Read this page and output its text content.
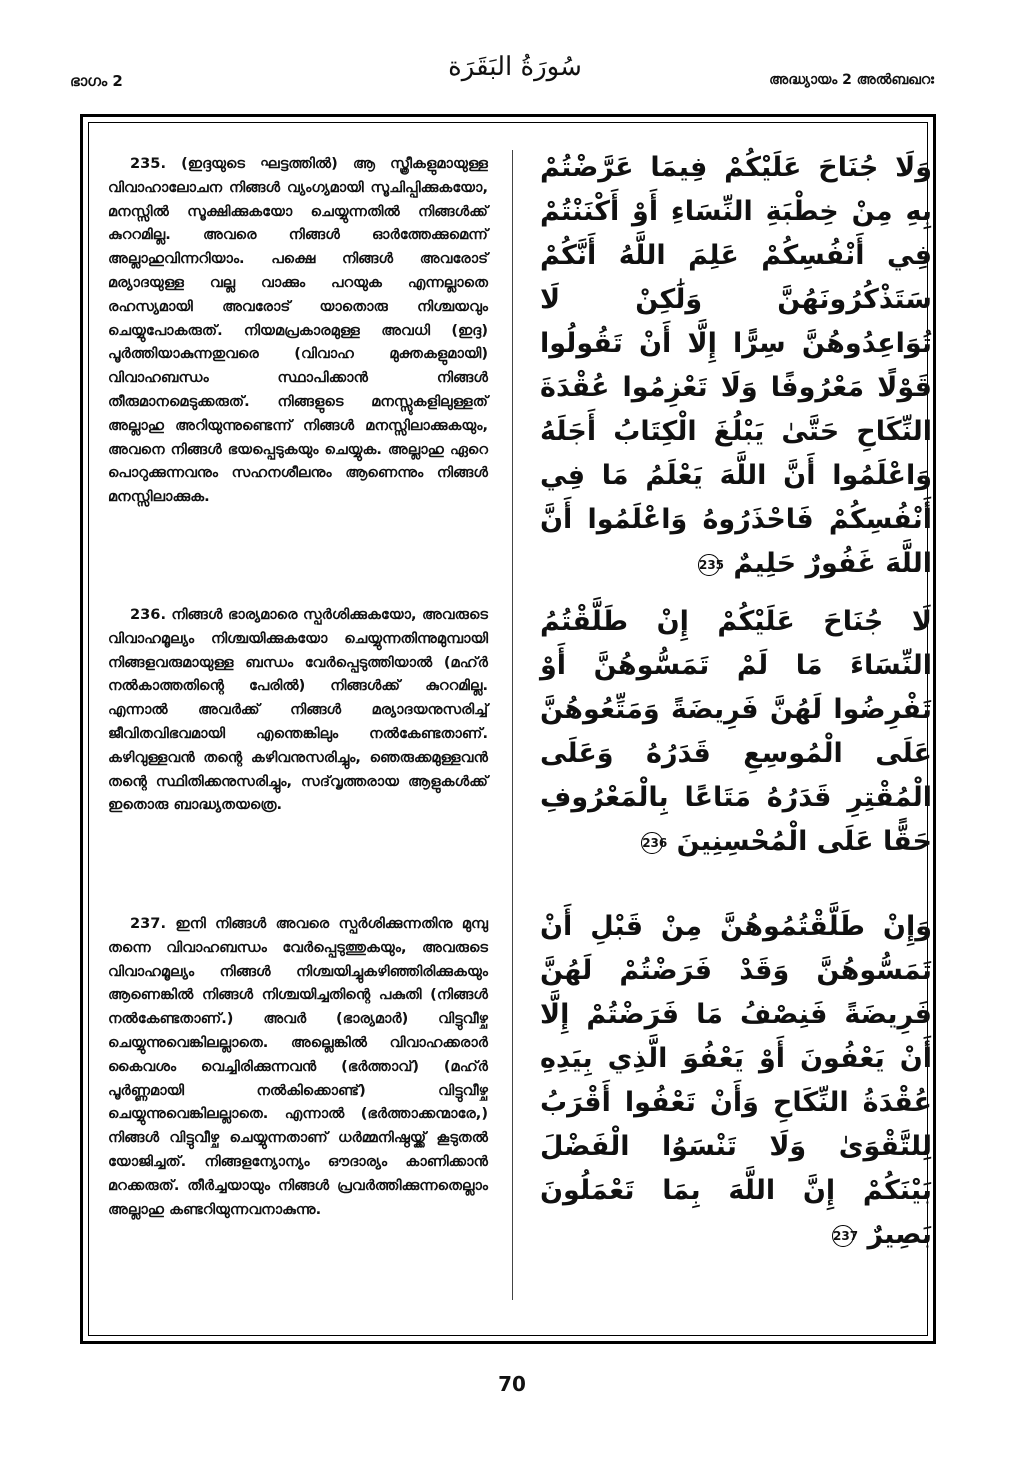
ഭാഗം 2	سُورَةُ البَقَرَة	അദ്ധ്യായം 2 അൽബഖറഃ

235. (ഇദ്ദയുടെ ഘട്ടത്തിൽ) ആ സ്ത്രീകളുമായുള്ള വിവാഹാലോചന നിങ്ങൾ വ്യംഗ്യമായി സൂചിപ്പിക്കുകയോ, മനസ്സിൽ സൂക്ഷിക്കുകയോ ചെയ്യുന്നതിൽ നിങ്ങൾക്ക് കുററമില്ല. അവരെ നിങ്ങൾ ഓർത്തേക്കുമെന്ന് അല്ലാഹുവിന്നറിയാം. പക്ഷെ നിങ്ങൾ അവരോട് മര്യാദയുള്ള വല്ല വാക്കും പറയുക എന്നല്ലാതെ രഹസ്യമായി അവരോട് യാതൊരു നിശ്ചയവും ചെയ്യുപോകരുത്. നിയമപ്രകാരമുള്ള അവധി (ഇദ്ദ) പൂർത്തിയാകുന്നതുവരെ (വിവാഹ മുക്തകളുമായി) വിവാഹബന്ധം സ്ഥാപിക്കാൻ നിങ്ങൾ തീരുമാനമെടുക്കരുത്. നിങ്ങളുടെ മനസ്സുകളിലുള്ളത് അല്ലാഹു അറിയുന്നുണ്ടെന്ന് നിങ്ങൾ മനസ്സിലാക്കുകയും, അവനെ നിങ്ങൾ ഭയപ്പെടുകയും ചെയ്യുക. അല്ലാഹു ഏറെ പൊറുക്കുന്നവനും സഹനശീലനും ആണെന്നും നിങ്ങൾ മനസ്സിലാക്കുക.

وَلَا جُنَاحَ عَلَيْكُمْ فِيمَا عَرَّضْتُمْ بِهِ مِنْ خِطْبَةِ النِّسَاءِ أَوْ أَكْنَنْتُمْ فِي أَنْفُسِكُمْ عَلِمَ اللَّهُ أَنَّكُمْ سَتَذْكُرُونَهُنَّ وَلَٰكِنْ لَا تُوَاعِدُوهُنَّ سِرًّا إِلَّا أَنْ تَقُولُوا قَوْلًا مَعْرُوفًا وَلَا تَعْزِمُوا عُقْدَةَ النِّكَاحِ حَتَّىٰ يَبْلُغَ الْكِتَابُ أَجَلَهُ وَاعْلَمُوا أَنَّ اللَّهَ يَعْلَمُ مَا فِي أَنْفُسِكُمْ فَاحْذَرُوهُ وَاعْلَمُوا أَنَّ اللَّهَ غَفُورٌ حَلِيمٌ 235

236. നിങ്ങൾ ഭാര്യമാരെ സ്പർശിക്കുകയോ, അവരുടെ വിവാഹമൂല്യം നിശ്ചയിക്കുകയോ ചെയ്യുന്നതിന്നുമുമ്പായി നിങ്ങളവരുമായുള്ള ബന്ധം വേർപ്പെടുത്തിയാൽ (മഹ്ർ നൽകാത്തതിന്റെ പേരിൽ) നിങ്ങൾക്ക് കുററമില്ല. എന്നാൽ അവർക്ക് നിങ്ങൾ മര്യാദയനുസരിച്ച് ജീവിതവിഭവമായി എന്തെങ്കിലും നൽകേണ്ടതാണ്. കഴിവുള്ളവൻ തന്റെ കഴിവനുസരിച്ചും, ഞെരുക്കമുള്ളവൻ തന്റെ സ്ഥിതിക്കനുസരിച്ചും, സദ്‌വൃത്തരായ ആളുകൾക്ക് ഇതൊരു ബാദ്ധ്യതയത്രെ.

لَا جُنَاحَ عَلَيْكُمْ إِنْ طَلَّقْتُمُ النِّسَاءَ مَا لَمْ تَمَسُّوهُنَّ أَوْ تَفْرِضُوا لَهُنَّ فَرِيضَةً وَمَتِّعُوهُنَّ عَلَى الْمُوسِعِ قَدَرُهُ وَعَلَى الْمُقْتِرِ قَدَرُهُ مَتَاعًا بِالْمَعْرُوفِ حَقًّا عَلَى الْمُحْسِنِينَ 236

237. ഇനി നിങ്ങൾ അവരെ സ്പർശിക്കുന്നതിനു മുമ്പു തന്നെ വിവാഹബന്ധം വേർപ്പെടുത്തുകയും, അവരുടെ വിവാഹമൂല്യം നിങ്ങൾ നിശ്ചയിച്ചുകഴിഞ്ഞിരിക്കുകയും ആണെങ്കിൽ നിങ്ങൾ നിശ്ചയിച്ചതിന്റെ പകുതി (നിങ്ങൾ നൽകേണ്ടതാണ്.) അവർ (ഭാര്യമാർ) വിട്ടുവീഴ്ച ചെയ്യുന്നുവെങ്കിലല്ലാതെ. അല്ലെങ്കിൽ വിവാഹക്കരാർ കൈവശം വെച്ചിരിക്കുന്നവൻ (ഭർത്താവ്) (മഹ്ർ പൂർണ്ണമായി നൽകിക്കൊണ്ട്) വിട്ടുവീഴ്ച ചെയ്യുന്നുവെങ്കിലല്ലാതെ. എന്നാൽ (ഭർത്താക്കന്മാരേ,) നിങ്ങൾ വിട്ടുവീഴ്ച ചെയ്യുന്നതാണ് ധർമ്മനിഷ്ഠയ്ക്ക് കൂടുതൽ യോജിച്ചത്. നിങ്ങളന്യോന്യം ഔദാര്യം കാണിക്കാൻ മറക്കരുത്. തീർച്ചയായും നിങ്ങൾ പ്രവർത്തിക്കുന്നതെല്ലാം അല്ലാഹു കണ്ടറിയുന്നവനാകുന്നു.

وَإِنْ طَلَّقْتُمُوهُنَّ مِنْ قَبْلِ أَنْ تَمَسُّوهُنَّ وَقَدْ فَرَضْتُمْ لَهُنَّ فَرِيضَةً فَنِصْفُ مَا فَرَضْتُمْ إِلَّا أَنْ يَعْفُونَ أَوْ يَعْفُوَ الَّذِي بِيَدِهِ عُقْدَةُ النِّكَاحِ وَأَنْ تَعْفُوا أَقْرَبُ لِلتَّقْوَىٰ وَلَا تَنْسَوُا الْفَضْلَ بَيْنَكُمْ إِنَّ اللَّهَ بِمَا تَعْمَلُونَ بَصِيرٌ 237
70
